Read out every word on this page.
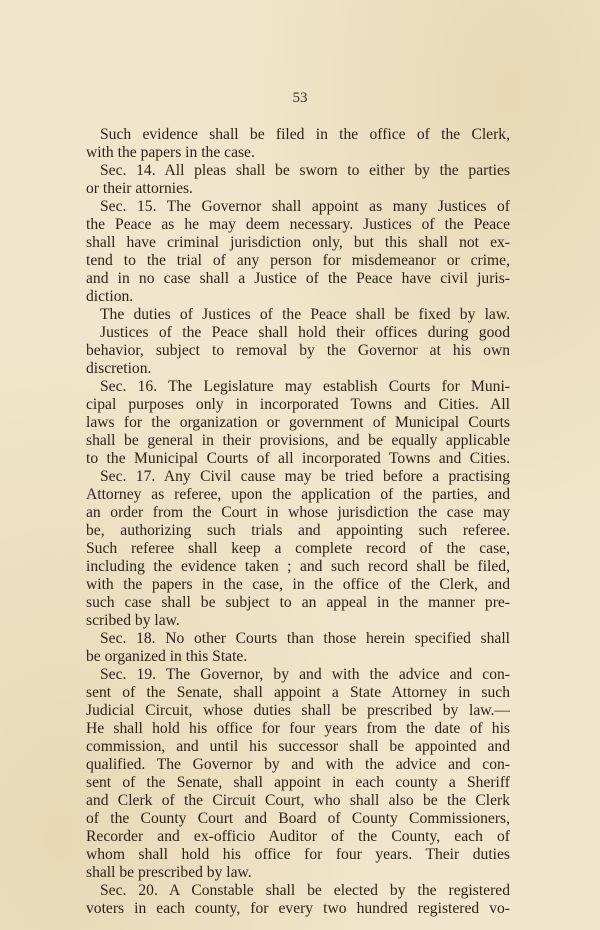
53
Such evidence shall be filed in the office of the Clerk,
with the papers in the case.
Sec. 14. All pleas shall be sworn to either by the parties
or their attornies.
Sec. 15. The Governor shall appoint as many Justices of
the Peace as he may deem necessary. Justices of the Peace
shall have criminal jurisdiction only, but this shall not ex-
tend to the trial of any person for misdemeanor or crime,
and in no case shall a Justice of the Peace have civil juris-
diction.
The duties of Justices of the Peace shall be fixed by law.
Justices of the Peace shall hold their offices during good
behavior, subject to removal by the Governor at his own
discretion.
Sec. 16. The Legislature may establish Courts for Muni-
cipal purposes only in incorporated Towns and Cities. All
laws for the organization or government of Municipal Courts
shall be general in their provisions, and be equally applicable
to the Municipal Courts of all incorporated Towns and Cities.
Sec. 17. Any Civil cause may be tried before a practising
Attorney as referee, upon the application of the parties, and
an order from the Court in whose jurisdiction the case may
be, authorizing such trials and appointing such referee.
Such referee shall keep a complete record of the case,
including the evidence taken ; and such record shall be filed,
with the papers in the case, in the office of the Clerk, and
such case shall be subject to an appeal in the manner pre-
scribed by law.
Sec. 18. No other Courts than those herein specified shall
be organized in this State.
Sec. 19. The Governor, by and with the advice and con-
sent of the Senate, shall appoint a State Attorney in such
Judicial Circuit, whose duties shall be prescribed by law.—
He shall hold his office for four years from the date of his
commission, and until his successor shall be appointed and
qualified. The Governor by and with the advice and con-
sent of the Senate, shall appoint in each county a Sheriff
and Clerk of the Circuit Court, who shall also be the Clerk
of the County Court and Board of County Commissioners,
Recorder and ex-officio Auditor of the County, each of
whom shall hold his office for four years. Their duties
shall be prescribed by law.
Sec. 20. A Constable shall be elected by the registered
voters in each county, for every two hundred registered vo-
